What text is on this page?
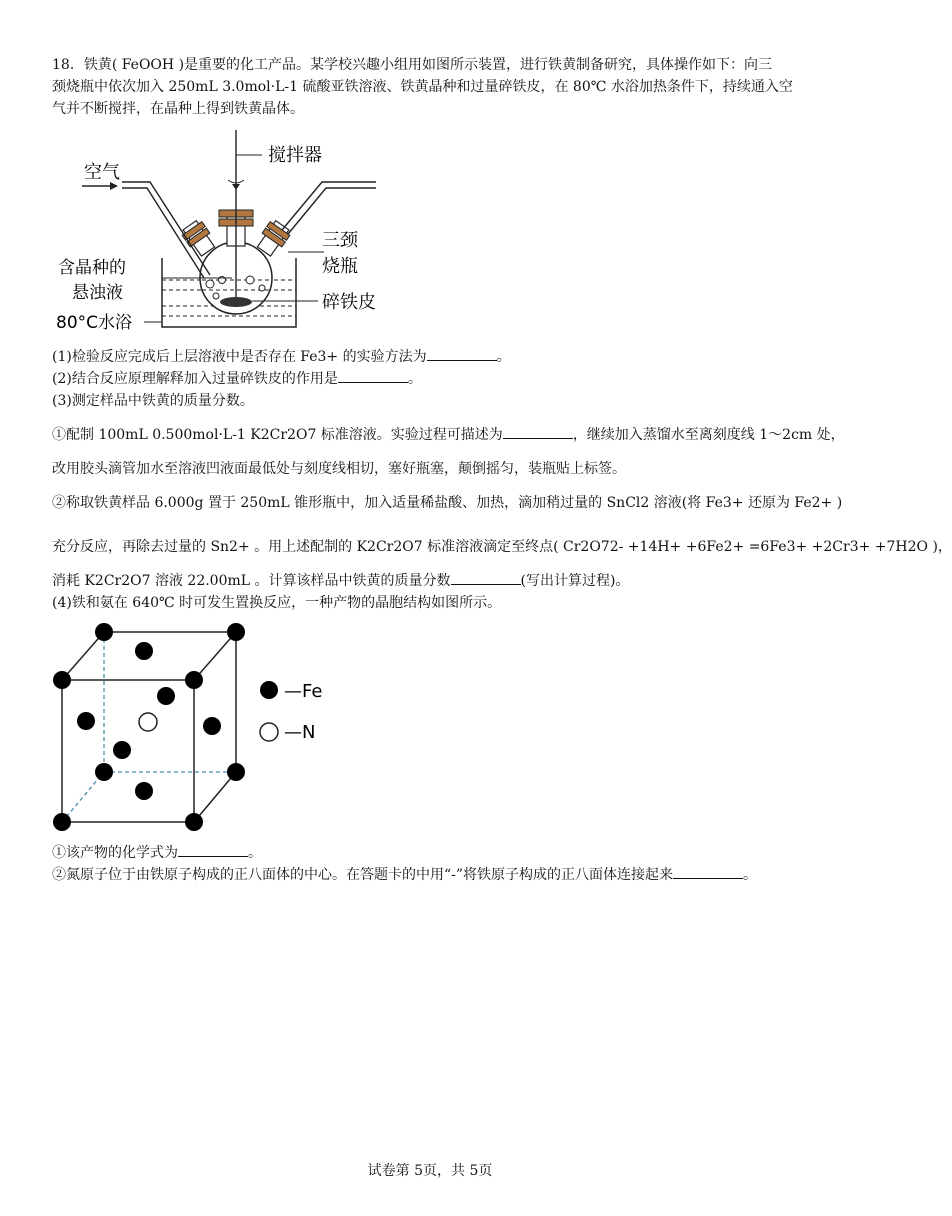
18．铁黄( FeOOH )是重要的化工产品。某学校兴趣小组用如图所示装置，进行铁黄制备研究，具体操作如下：向三
颈烧瓶中依次加入 250mL 3.0mol·L-1 硫酸亚铁溶液、铁黄晶种和过量碎铁皮，在 80℃ 水浴加热条件下，持续通入空
气并不断搅拌，在晶种上得到铁黄晶体。
空气
搅拌器
三颈
烧瓶
含晶种的
悬浊液	碎铁皮
80°C水浴
(1)检验反应完成后上层溶液中是否存在 Fe3+ 的实验方法为	。
(2)结合反应原理解释加入过量碎铁皮的作用是	。
(3)测定样品中铁黄的质量分数。
①配制 100mL 0.500mol·L-1 K2Cr2O7 标准溶液。实验过程可描述为	，继续加入蒸馏水至离刻度线 1～2cm 处，
改用胶头滴管加水至溶液凹液面最低处与刻度线相切，塞好瓶塞，颠倒摇匀，装瓶贴上标签。
②称取铁黄样品 6.000g 置于 250mL 锥形瓶中，加入适量稀盐酸、加热，滴加稍过量的 SnCl2 溶液(将 Fe3+ 还原为 Fe2+ )
充分反应，再除去过量的 Sn2+ 。用上述配制的 K2Cr2O7 标准溶液滴定至终点( Cr2O72- +14H+ +6Fe2+ =6Fe3+ +2Cr3+ +7H2O )，
消耗 K2Cr2O7 溶液 22.00mL 。计算该样品中铁黄的质量分数	(写出计算过程)。
(4)铁和氨在 640℃ 时可发生置换反应，一种产物的晶胞结构如图所示。
—Fe
—N
①该产物的化学式为	。
②氮原子位于由铁原子构成的正八面体的中心。在答题卡的中用“-”将铁原子构成的正八面体连接起来	。
试卷第 5页，共 5页
